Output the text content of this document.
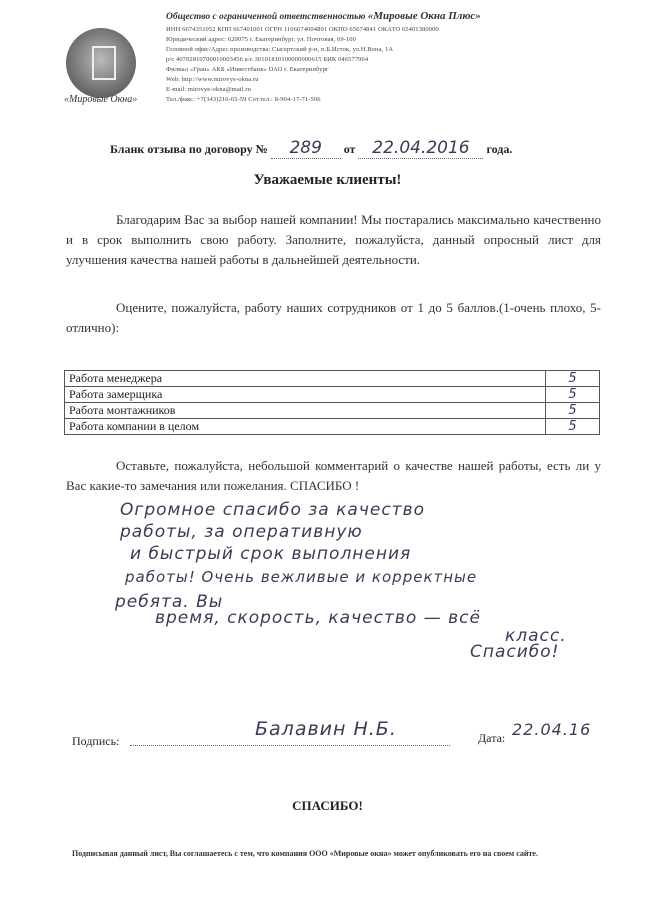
«Мировые Окна»
Общество с ограниченной ответственностью «Мировые Окна Плюс»
ИНН 6674351052 КПП 667401001 ОГРН 1106674004891 ОКПО 65674841 ОКАТО 65401380000
Юридический адрес: 620075 г. Екатеринбург, ул. Почтовая, 69-100
Головной офис/Адрес производства: Сысертский р-н, п.Б.Исток, ул.Н.Вона, 1А
р/с 40702810700010003456 к/с 30101810100000000615 БИК 046577964
Филиал «Гран» АКБ «Инвестбанк» ОАО г. Екатеринбург
Web: http://www.mirovye-okna.ru
E-mail: mirovye-okna@mail.ru
Тел./факс: +7(343)216-65-59 Сот.тел.: 8-904-17-71-506
Бланк отзыва по договору № 289 от 22.04.2016 года.
Уважаемые клиенты!
Благодарим Вас за выбор нашей компании! Мы постарались максимально качественно и в срок выполнить свою работу. Заполните, пожалуйста, данный опросный лист для улучшения качества нашей работы в дальнейшей деятельности.
Оцените, пожалуйста, работу наших сотрудников от 1 до 5 баллов.(1-очень плохо, 5-отлично):
Работа менеджера	5
Работа замерщика	5
Работа монтажников	5
Работа компании в целом	5
Оставьте, пожалуйста, небольшой комментарий о качестве нашей работы, есть ли у Вас какие-то замечания или пожелания. СПАСИБО !
Огромное спасибо за качество
работы, за оперативную
и быстрый срок выполнения
работы! Очень вежливые и корректные
ребята. Вы
время, скорость, качество — всё
класс.
Спасибо!
Подпись:
Балавин Н.Б.	Дата: 22.04.16
СПАСИБО!
Подписывая данный лист, Вы соглашаетесь с тем, что компания ООО «Мировые окна» может опубликовать его на своем сайте.
